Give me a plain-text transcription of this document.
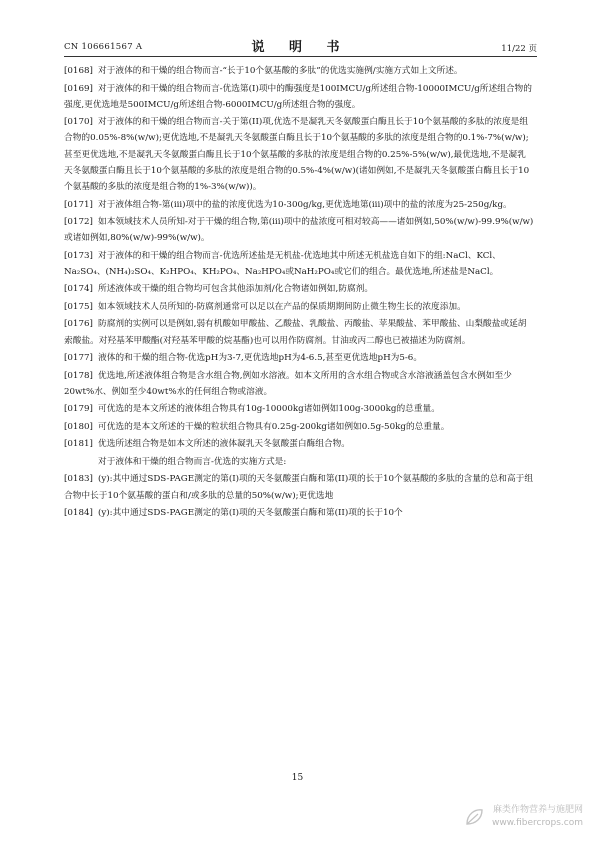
CN 106661567 A	说 明 书	11/22 页

[0168] 对于液体的和干燥的组合物而言-“长于10个氨基酸的多肽”的优选实施例/实施方式如上文所述。

[0169] 对于液体的和干燥的组合物而言-优选第(I)项中的酶强度是100IMCU/g所述组合物-10000IMCU/g所述组合物的强度,更优选地是500IMCU/g所述组合物-6000IMCU/g所述组合物的强度。

[0170] 对于液体的和干燥的组合物而言-关于第(II)项,优选不是凝乳天冬氨酸蛋白酶且长于10个氨基酸的多肽的浓度是组合物的0.05%-8%(w/w);更优选地,不是凝乳天冬氨酸蛋白酶且长于10个氨基酸的多肽的浓度是组合物的0.1%-7%(w/w);甚至更优选地,不是凝乳天冬氨酸蛋白酶且长于10个氨基酸的多肽的浓度是组合物的0.25%-5%(w/w),最优选地,不是凝乳天冬氨酸蛋白酶且长于10个氨基酸的多肽的浓度是组合物的0.5%-4%(w/w)(诸如例如,不是凝乳天冬氨酸蛋白酶且长于10个氨基酸的多肽的浓度是组合物的1%-3%(w/w))。

[0171] 对于液体组合物-第(iii)项中的盐的浓度优选为10-300g/kg,更优选地第(iii)项中的盐的浓度为25-250g/kg。

[0172] 如本领域技术人员所知-对于干燥的组合物,第(iii)项中的盐浓度可相对较高——诸如例如,50%(w/w)-99.9%(w/w)或诸如例如,80%(w/w)-99%(w/w)。

[0173] 对于液体的和干燥的组合物而言-优选所述盐是无机盐-优选地其中所述无机盐选自如下的组:NaCl、KCl、Na₂SO₄、(NH₄)₂SO₄、K₂HPO₄、KH₂PO₄、Na₂HPO₄或NaH₂PO₄或它们的组合。最优选地,所述盐是NaCl。

[0174] 所述液体或干燥的组合物均可包含其他添加剂/化合物诸如例如,防腐剂。

[0175] 如本领域技术人员所知的-防腐剂通常可以足以在产品的保质期期间防止微生物生长的浓度添加。

[0176] 防腐剂的实例可以是例如,弱有机酸如甲酸盐、乙酸盐、乳酸盐、丙酸盐、苹果酸盐、苯甲酸盐、山梨酸盐或延胡索酸盐。对羟基苯甲酸酯(对羟基苯甲酸的烷基酯)也可以用作防腐剂。甘油或丙二醇也已被描述为防腐剂。

[0177] 液体的和干燥的组合物-优选pH为3-7,更优选地pH为4-6.5,甚至更优选地pH为5-6。

[0178] 优选地,所述液体组合物是含水组合物,例如水溶液。如本文所用的含水组合物或含水溶液涵盖包含水例如至少20wt%水、例如至少40wt%水的任何组合物或溶液。

[0179] 可优选的是本文所述的液体组合物具有10g-10000kg诸如例如100g-3000kg的总重量。

[0180] 可优选的是本文所述的干燥的粒状组合物具有0.25g-200kg诸如例如0.5g-50kg的总重量。

[0181] 优选所述组合物是如本文所述的液体凝乳天冬氨酸蛋白酶组合物。

对于液体和干燥的组合物而言-优选的实施方式是:

[0183] (y):其中通过SDS-PAGE测定的第(I)项的天冬氨酸蛋白酶和第(II)项的长于10个氨基酸的多肽的含量的总和高于组合物中长于10个氨基酸的蛋白和/或多肽的总量的50%(w/w);更优选地

[0184] (y):其中通过SDS-PAGE测定的第(I)项的天冬氨酸蛋白酶和第(II)项的长于10个

15
麻类作物营养与施肥网
www.fibercrops.com
